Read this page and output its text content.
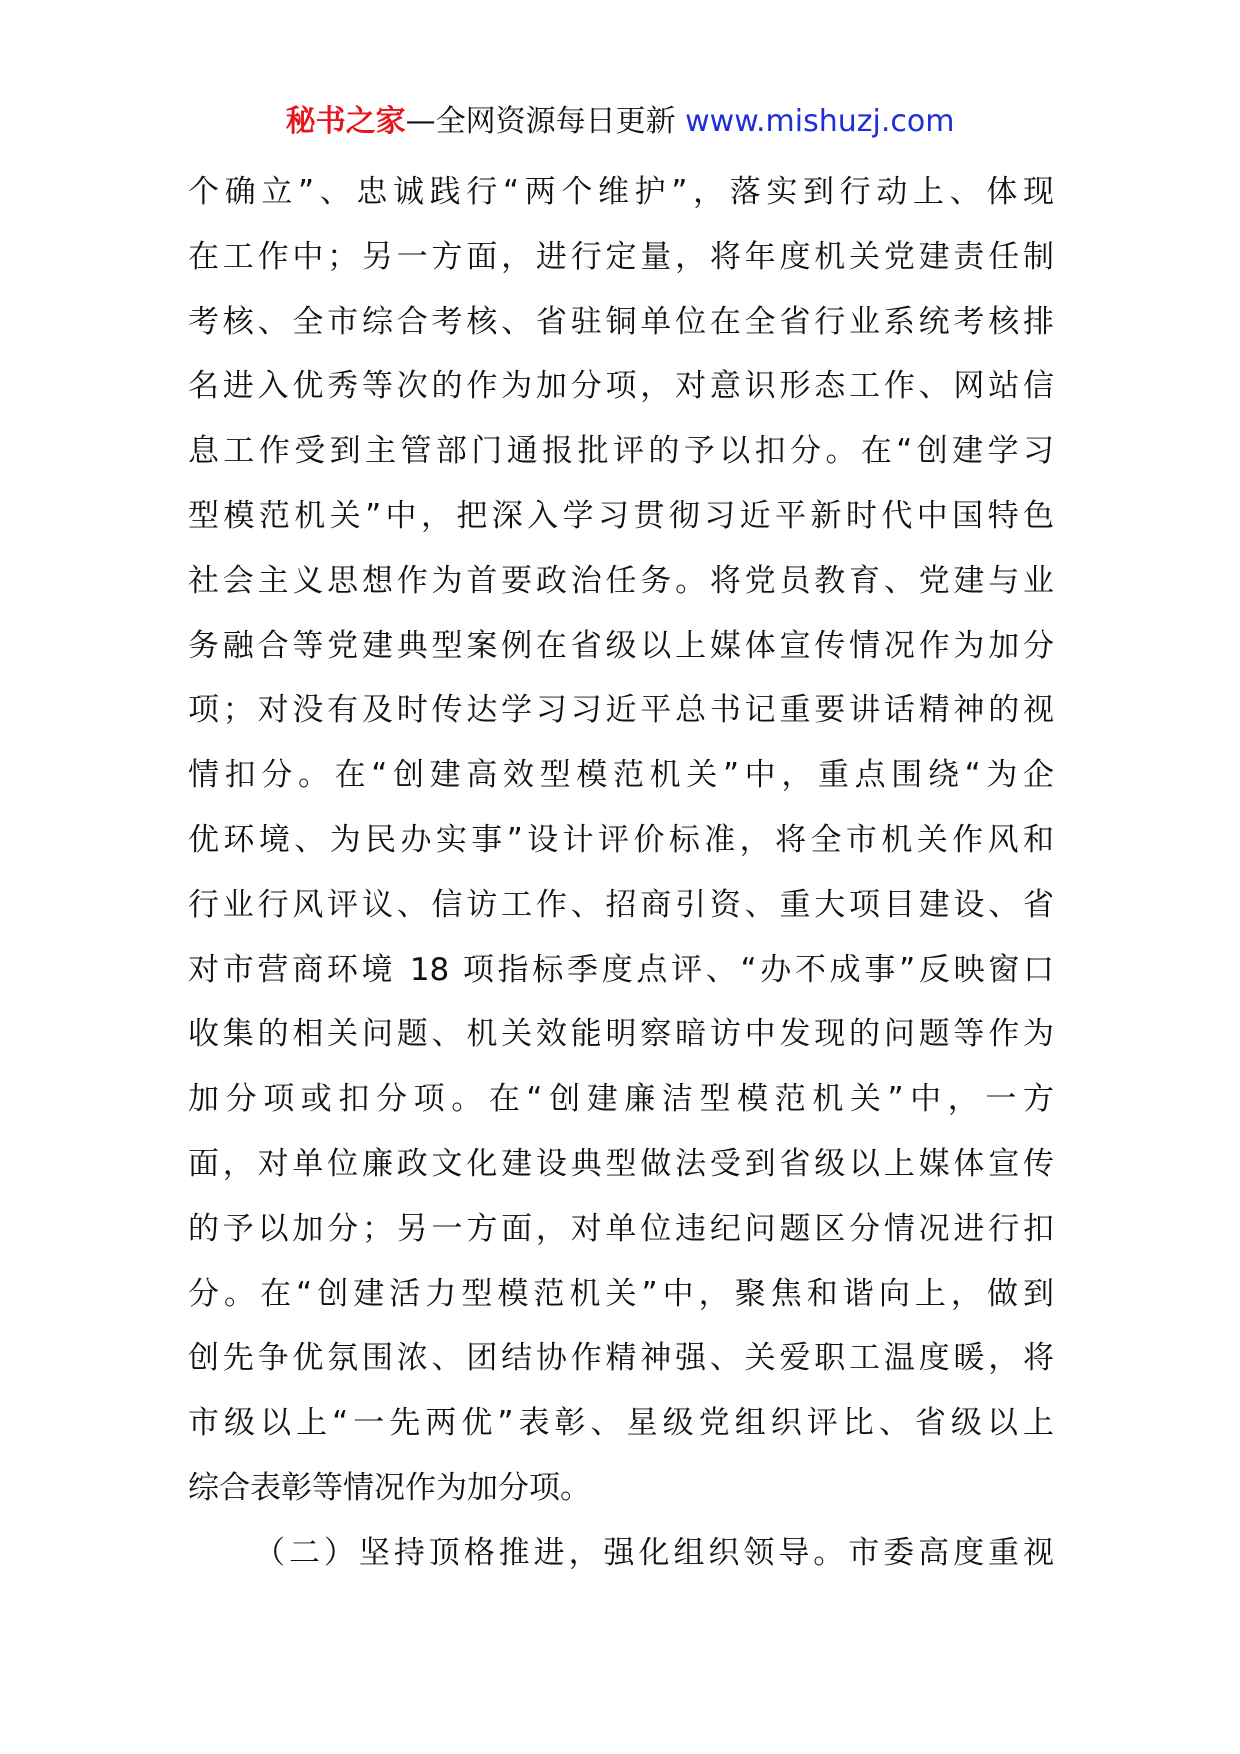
秘书之家—全网资源每日更新 www.mishuzj.com
个确立”、忠诚践行“两个维护”，落实到行动上、体现
在工作中；另一方面，进行定量，将年度机关党建责任制
考核、全市综合考核、省驻铜单位在全省行业系统考核排
名进入优秀等次的作为加分项，对意识形态工作、网站信
息工作受到主管部门通报批评的予以扣分。在“创建学习
型模范机关”中，把深入学习贯彻习近平新时代中国特色
社会主义思想作为首要政治任务。将党员教育、党建与业
务融合等党建典型案例在省级以上媒体宣传情况作为加分
项；对没有及时传达学习习近平总书记重要讲话精神的视
情扣分。在“创建高效型模范机关”中，重点围绕“为企
优环境、为民办实事”设计评价标准，将全市机关作风和
行业行风评议、信访工作、招商引资、重大项目建设、省
对市营商环境 18 项指标季度点评、“办不成事”反映窗口
收集的相关问题、机关效能明察暗访中发现的问题等作为
加分项或扣分项。在“创建廉洁型模范机关”中，一方
面，对单位廉政文化建设典型做法受到省级以上媒体宣传
的予以加分；另一方面，对单位违纪问题区分情况进行扣
分。在“创建活力型模范机关”中，聚焦和谐向上，做到
创先争优氛围浓、团结协作精神强、关爱职工温度暖，将
市级以上“一先两优”表彰、星级党组织评比、省级以上
综合表彰等情况作为加分项。
（二）坚持顶格推进，强化组织领导。市委高度重视
